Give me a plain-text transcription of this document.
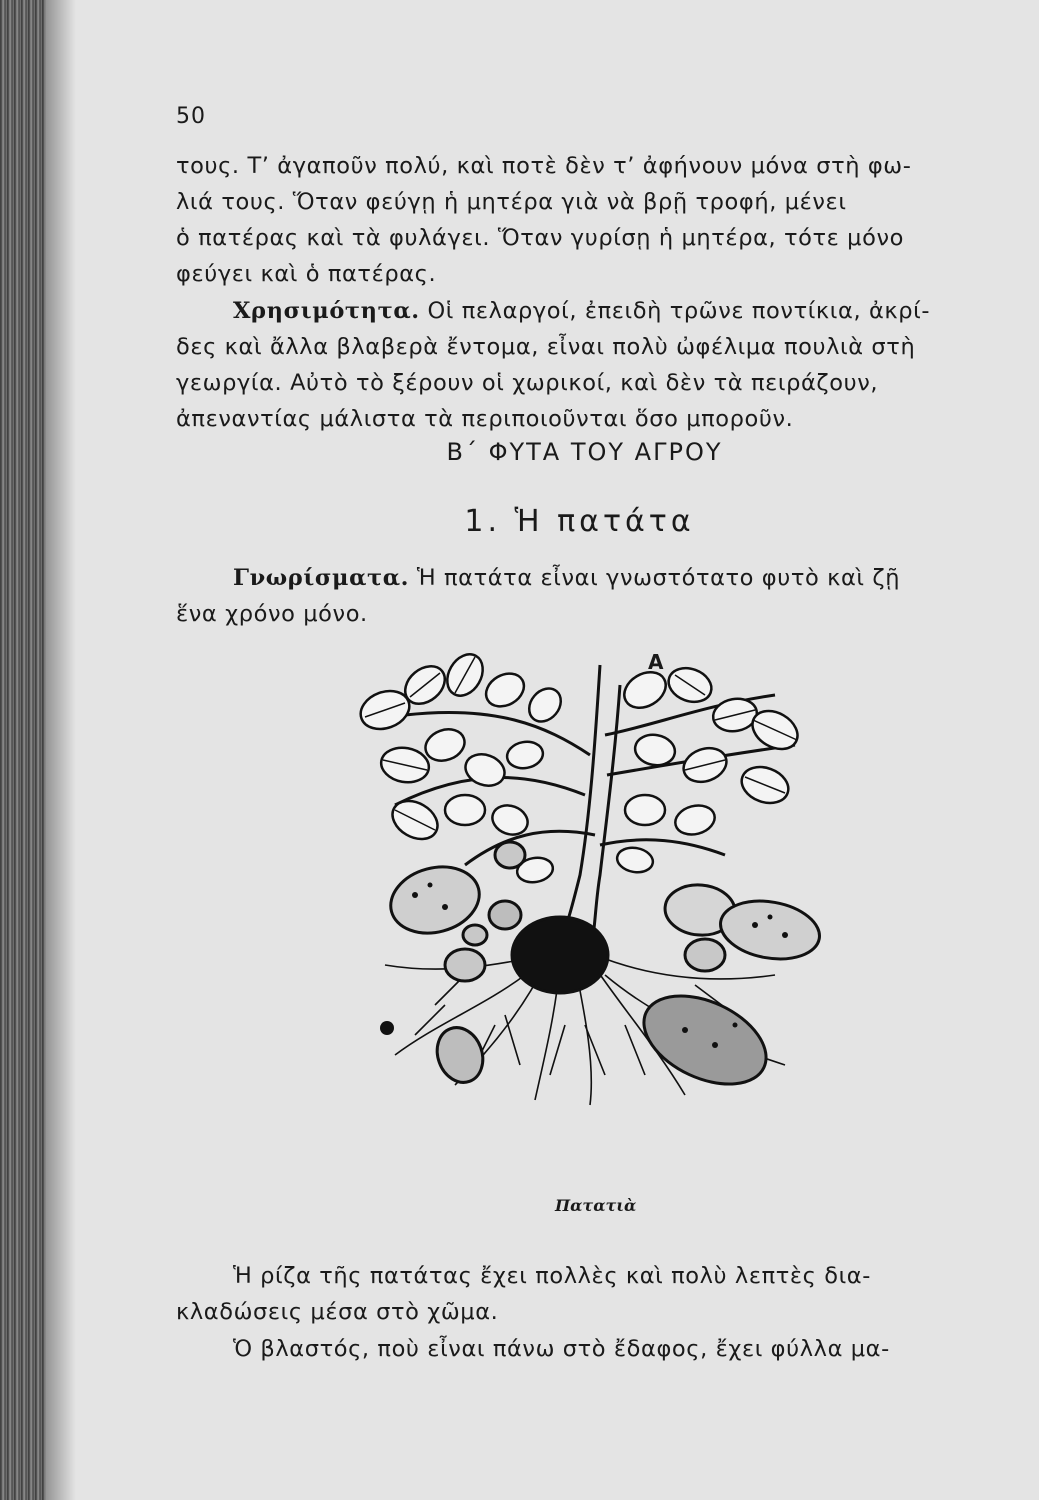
50
τους. Τ’ ἀγαποῦν πολύ, καὶ ποτὲ δὲν τ’ ἀφήνουν μόνα στὴ φω-
λιά τους. Ὅταν φεύγῃ ἡ μητέρα γιὰ νὰ βρῇ τροφή, μένει
ὁ πατέρας καὶ τὰ φυλάγει. Ὅταν γυρίσῃ ἡ μητέρα, τότε μόνο
φεύγει καὶ ὁ πατέρας.
Χρησιμότητα. Οἱ πελαργοί, ἐπειδὴ τρῶνε ποντίκια, ἀκρί-
δες καὶ ἄλλα βλαβερὰ ἔντομα, εἶναι πολὺ ὠφέλιμα πουλιὰ στὴ
γεωργία. Αὐτὸ τὸ ξέρουν οἱ χωρικοί, καὶ δὲν τὰ πειράζουν,
ἀπεναντίας μάλιστα τὰ περιποιοῦνται ὅσο μποροῦν.
Β΄ ΦΥΤΑ ΤΟΥ ΑΓΡΟΥ
1. Ἡ πατάτα
Γνωρίσματα. Ἡ πατάτα εἶναι γνωστότατο φυτὸ καὶ ζῇ
ἕνα χρόνο μόνο.
Α
Πατατιὰ
Ἡ ρίζα τῆς πατάτας ἔχει πολλὲς καὶ πολὺ λεπτὲς δια-
κλαδώσεις μέσα στὸ χῶμα.
Ὁ βλαστός, ποὺ εἶναι πάνω στὸ ἔδαφος, ἔχει φύλλα μα-
